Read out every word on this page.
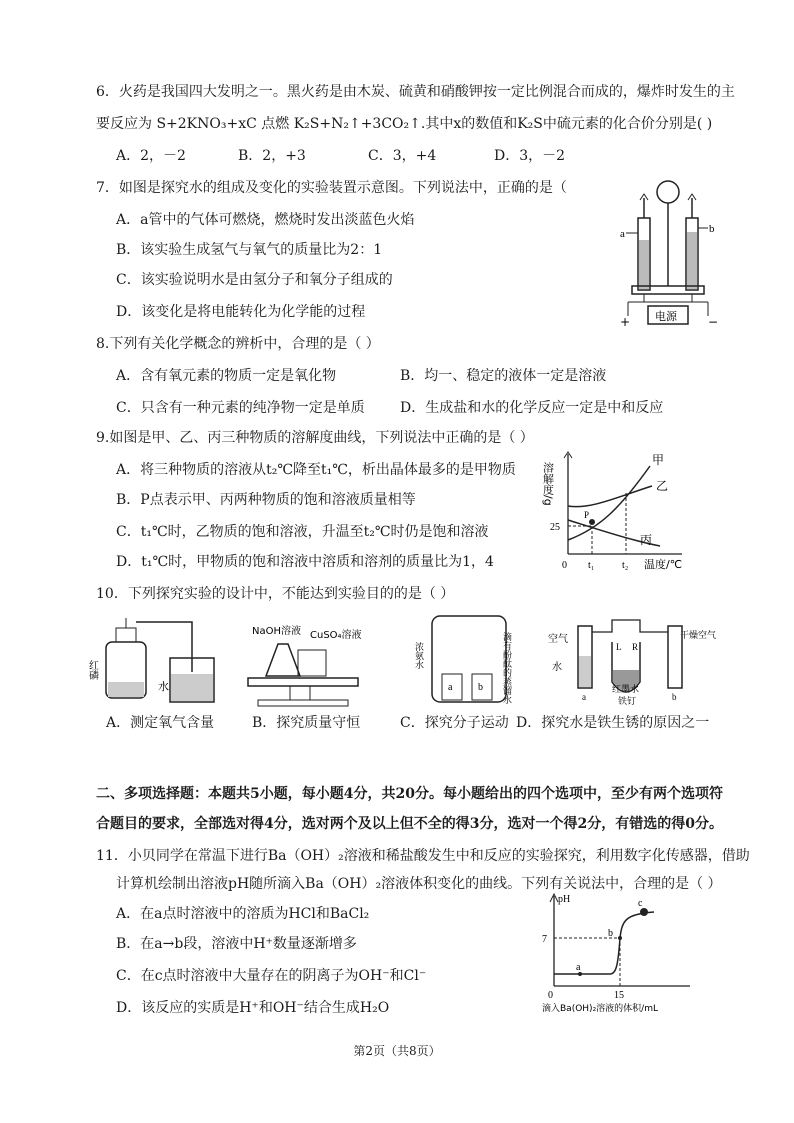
6．火药是我国四大发明之一。黑火药是由木炭、硫黄和硝酸钾按一定比例混合而成的，爆炸时发生的主
要反应为 S+2KNO₃+xC 点燃 K₂S+N₂↑+3CO₂↑.其中x的数值和K₂S中硫元素的化合价分别是( )
A．2，－2	B．2，+3	C．3，+4	D．3，－2
7．如图是探究水的组成及变化的实验装置示意图。下列说法中，正确的是（
A．a管中的气体可燃烧，燃烧时发出淡蓝色火焰
B．该实验生成氢气与氧气的质量比为2：1
C．该实验说明水是由氢分子和氧分子组成的
D．该变化是将电能转化为化学能的过程
a	b
电源
+	−
8.下列有关化学概念的辨析中，合理的是（ ）
A．含有氧元素的物质一定是氧化物	B．均一、稳定的液体一定是溶液
C．只含有一种元素的纯净物一定是单质	D．生成盐和水的化学反应一定是中和反应
9.如图是甲、乙、丙三种物质的溶解度曲线，下列说法中正确的是（ ）
A．将三种物质的溶液从t₂℃降至t₁℃，析出晶体最多的是甲物质
B．P点表示甲、丙两种物质的饱和溶液质量相等
C．t₁℃时，乙物质的饱和溶液，升温至t₂℃时仍是饱和溶液
D．t₁℃时，甲物质的饱和溶液中溶质和溶剂的质量比为1，4
溶解度/g
P
25
0 t₁	t₂ 温度/℃
甲
乙
丙
10．下列探究实验的设计中，不能达到实验目的的是（ ）
水
红磷
A．测定氧气含量
NaOH溶液 CuSO₄溶液
B．探究质量守恒
a	b
浓氨水	滴有酚酞的蒸馏水
C．探究分子运动
空气
水
干燥空气
L R
a	b
红墨水
铁钉
D．探究水是铁生锈的原因之一
二、多项选择题：本题共5小题，每小题4分，共20分。每小题给出的四个选项中，至少有两个选项符
合题目的要求，全部选对得4分，选对两个及以上但不全的得3分，选对一个得2分，有错选的得0分。
11．小贝同学在常温下进行Ba（OH）₂溶液和稀盐酸发生中和反应的实验探究，利用数字化传感器，借助
计算机绘制出溶液pH随所滴入Ba（OH）₂溶液体积变化的曲线。下列有关说法中，合理的是（ ）
A．在a点时溶液中的溶质为HCl和BaCl₂
B．在a→b段，溶液中H⁺数量逐渐增多
C．在c点时溶液中大量存在的阴离子为OH⁻和Cl⁻
D．该反应的实质是H⁺和OH⁻结合生成H₂O
pH
7
0	15
a
b
c
滴入Ba(OH)₂溶液的体积/mL
第2页（共8页）
